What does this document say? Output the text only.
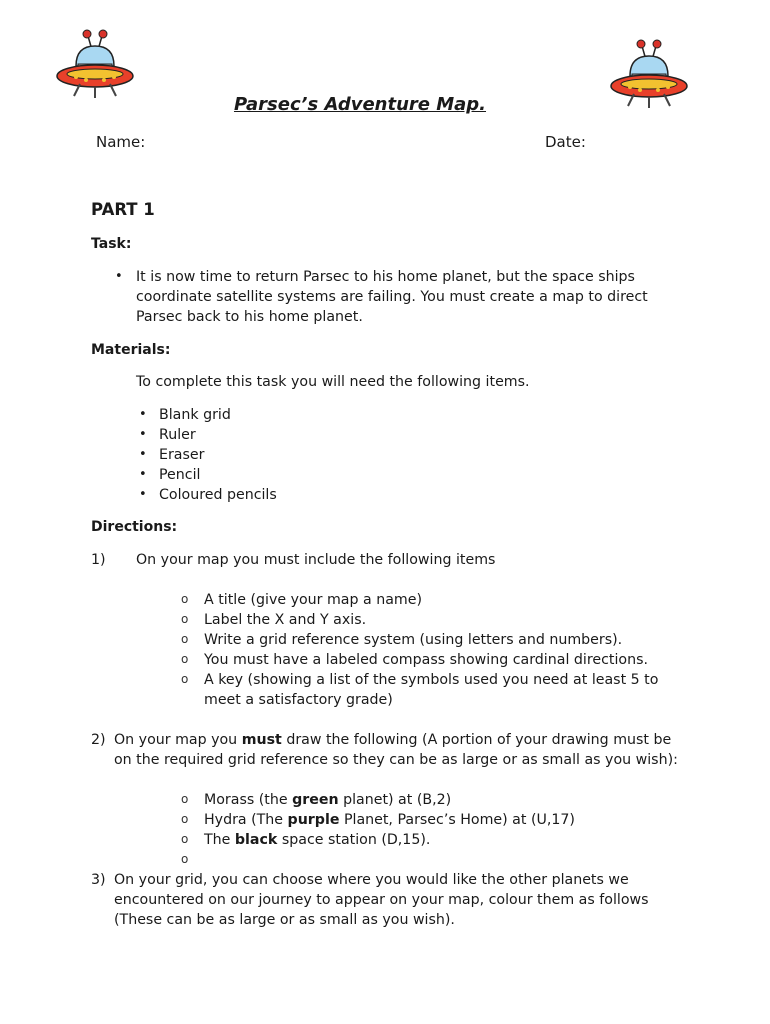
Parsec’s Adventure Map.
Name:	Date:
PART 1
Task:
• It is now time to return Parsec to his home planet, but the space ships
coordinate satellite systems are failing. You must create a map to direct
Parsec back to his home planet.
Materials:
To complete this task you will need the following items.
• Blank grid
• Ruler
• Eraser
• Pencil
• Coloured pencils
Directions:
1) On your map you must include the following items
o A title (give your map a name)
o Label the X and Y axis.
o Write a grid reference system (using letters and numbers).
o You must have a labeled compass showing cardinal directions.
o A key (showing a list of the symbols used you need at least 5 to
meet a satisfactory grade)
2) On your map you must draw the following (A portion of your drawing must be
on the required grid reference so they can be as large or as small as you wish):
o Morass (the green planet) at (B,2)
o Hydra (The purple Planet, Parsec’s Home) at (U,17)
o The black space station (D,15).
o
3) On your grid, you can choose where you would like the other planets we
encountered on our journey to appear on your map, colour them as follows
(These can be as large or as small as you wish).
